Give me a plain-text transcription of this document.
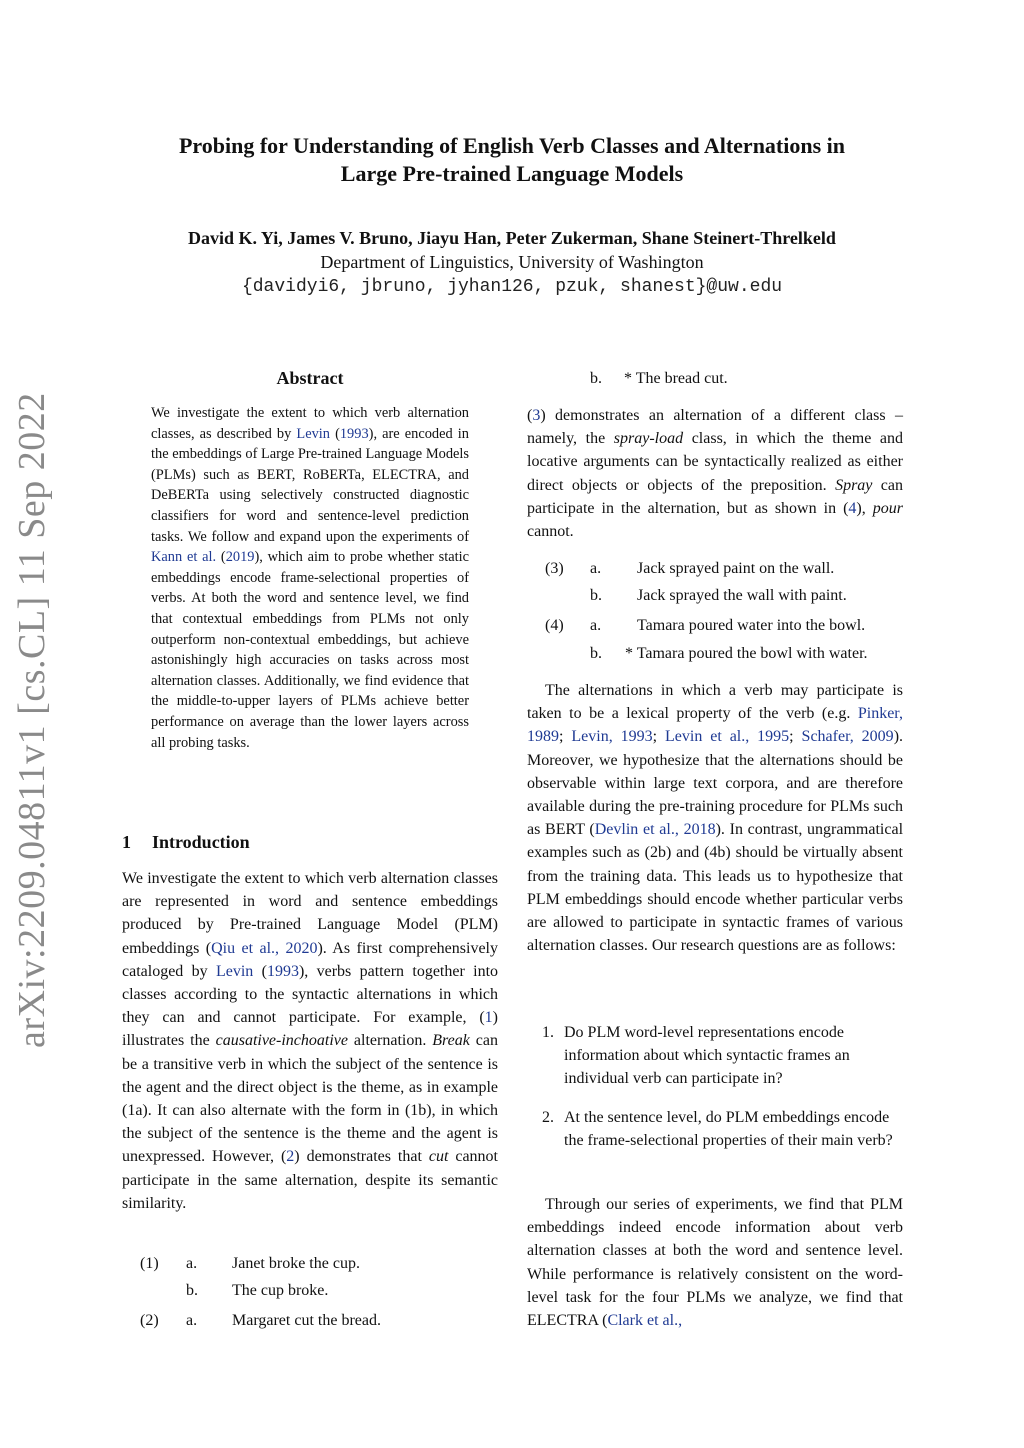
arXiv:2209.04811v1 [cs.CL] 11 Sep 2022
Probing for Understanding of English Verb Classes and Alternations in
Large Pre-trained Language Models
David K. Yi, James V. Bruno, Jiayu Han, Peter Zukerman, Shane Steinert-Threlkeld
Department of Linguistics, University of Washington
{davidyi6, jbruno, jyhan126, pzuk, shanest}@uw.edu
Abstract
We investigate the extent to which verb alternation classes, as described by Levin (1993), are encoded in the embeddings of Large Pre-trained Language Models (PLMs) such as BERT, RoBERTa, ELECTRA, and DeBERTa using selectively constructed diagnostic classifiers for word and sentence-level prediction tasks. We follow and expand upon the experiments of Kann et al. (2019), which aim to probe whether static embeddings encode frame-selectional properties of verbs. At both the word and sentence level, we find that contextual embeddings from PLMs not only outperform non-contextual embeddings, but achieve astonishingly high accuracies on tasks across most alternation classes. Additionally, we find evidence that the middle-to-upper layers of PLMs achieve better performance on average than the lower layers across all probing tasks.
1 Introduction

We investigate the extent to which verb alternation classes are represented in word and sentence embeddings produced by Pre-trained Language Model (PLM) embeddings (Qiu et al., 2020). As first comprehensively cataloged by Levin (1993), verbs pattern together into classes according to the syntactic alternations in which they can and cannot participate. For example, (1) illustrates the causative-inchoative alternation. Break can be a transitive verb in which the subject of the sentence is the agent and the direct object is the theme, as in example (1a). It can also alternate with the form in (1b), in which the subject of the sentence is the theme and the agent is unexpressed. However, (2) demonstrates that cut cannot participate in the same alternation, despite its semantic similarity.

(1) a. Janet broke the cup.
b. The cup broke.
(2) a. Margaret cut the bread.
b. * The bread cut.

(3) demonstrates an alternation of a different class – namely, the spray-load class, in which the theme and locative arguments can be syntactically realized as either direct objects or objects of the preposition. Spray can participate in the alternation, but as shown in (4), pour cannot.

(3) a. Jack sprayed paint on the wall.
b. Jack sprayed the wall with paint.
(4) a. Tamara poured water into the bowl.
b. * Tamara poured the bowl with water.

The alternations in which a verb may participate is taken to be a lexical property of the verb (e.g. Pinker, 1989; Levin, 1993; Levin et al., 1995; Schafer, 2009). Moreover, we hypothesize that the alternations should be observable within large text corpora, and are therefore available during the pre-training procedure for PLMs such as BERT (Devlin et al., 2018). In contrast, ungrammatical examples such as (2b) and (4b) should be virtually absent from the training data. This leads us to hypothesize that PLM embeddings should encode whether particular verbs are allowed to participate in syntactic frames of various alternation classes. Our research questions are as follows:

1. Do PLM word-level representations encode information about which syntactic frames an individual verb can participate in?
2. At the sentence level, do PLM embeddings encode the frame-selectional properties of their main verb?

Through our series of experiments, we find that PLM embeddings indeed encode information about verb alternation classes at both the word and sentence level. While performance is relatively consistent on the word-level task for the four PLMs we analyze, we find that ELECTRA (Clark et al.,
